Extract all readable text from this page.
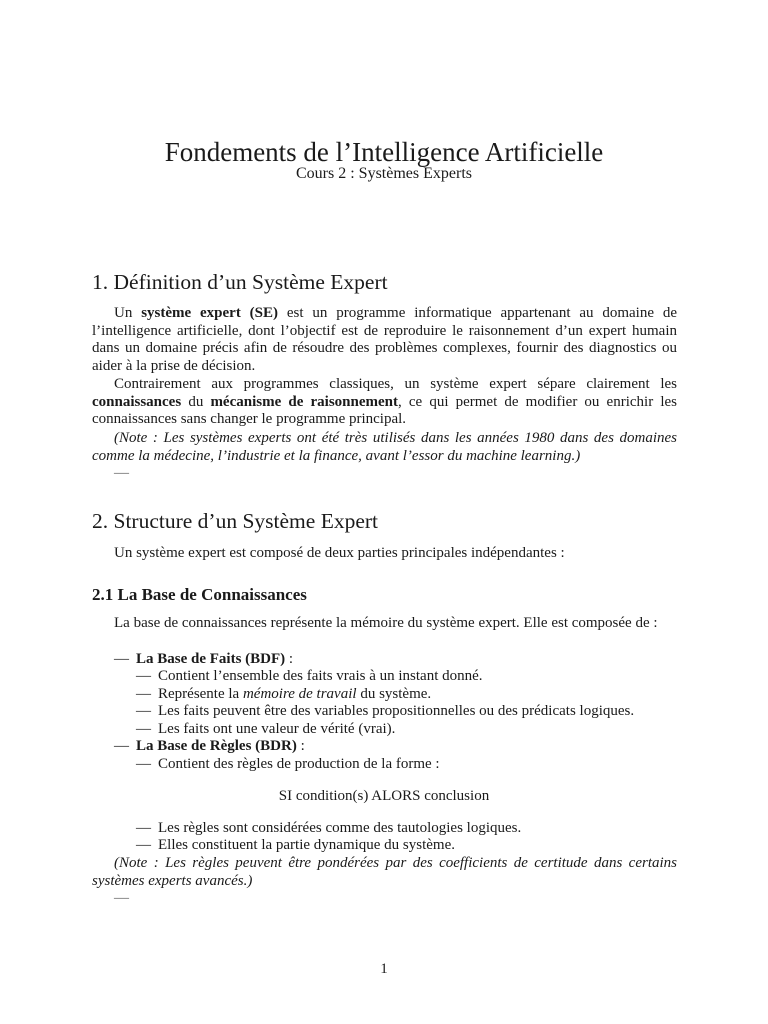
Fondements de l’Intelligence Artificielle
Cours 2 : Systèmes Experts
1. Définition d’un Système Expert
Un système expert (SE) est un programme informatique appartenant au domaine de l’intelligence artificielle, dont l’objectif est de reproduire le raisonnement d’un expert humain dans un domaine précis afin de résoudre des problèmes complexes, fournir des diagnostics ou aider à la prise de décision.
Contrairement aux programmes classiques, un système expert sépare clairement les connaissances du mécanisme de raisonnement, ce qui permet de modifier ou enrichir les connaissances sans changer le programme principal.
(Note : Les systèmes experts ont été très utilisés dans les années 1980 dans des domaines comme la médecine, l’industrie et la finance, avant l’essor du machine learning.)
—
2. Structure d’un Système Expert
Un système expert est composé de deux parties principales indépendantes :
2.1 La Base de Connaissances
La base de connaissances représente la mémoire du système expert. Elle est composée de :
— La Base de Faits (BDF) :
— Contient l’ensemble des faits vrais à un instant donné.
— Représente la mémoire de travail du système.
— Les faits peuvent être des variables propositionnelles ou des prédicats logiques.
— Les faits ont une valeur de vérité (vrai).
— La Base de Règles (BDR) :
— Contient des règles de production de la forme :
SI condition(s) ALORS conclusion
— Les règles sont considérées comme des tautologies logiques.
— Elles constituent la partie dynamique du système.
(Note : Les règles peuvent être pondérées par des coefficients de certitude dans certains systèmes experts avancés.)
—
1
